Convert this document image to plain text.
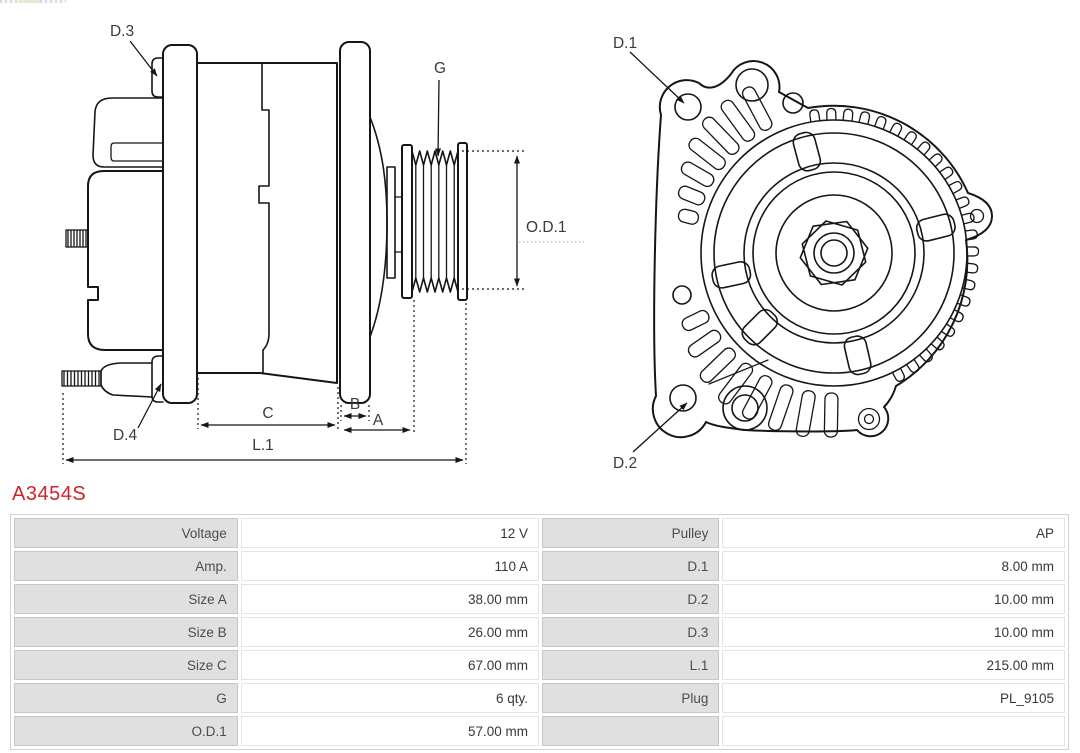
D.3
D.4
G
O.D.1
C
B
A
L.1
D.1
D.2
A3454S
Voltage	12 V	Pulley	AP
Amp.	110 A	D.1	8.00 mm
Size A	38.00 mm	D.2	10.00 mm
Size B	26.00 mm	D.3	10.00 mm
Size C	67.00 mm	L.1	215.00 mm
G	6 qty.	Plug	PL_9105
O.D.1	57.00 mm		
